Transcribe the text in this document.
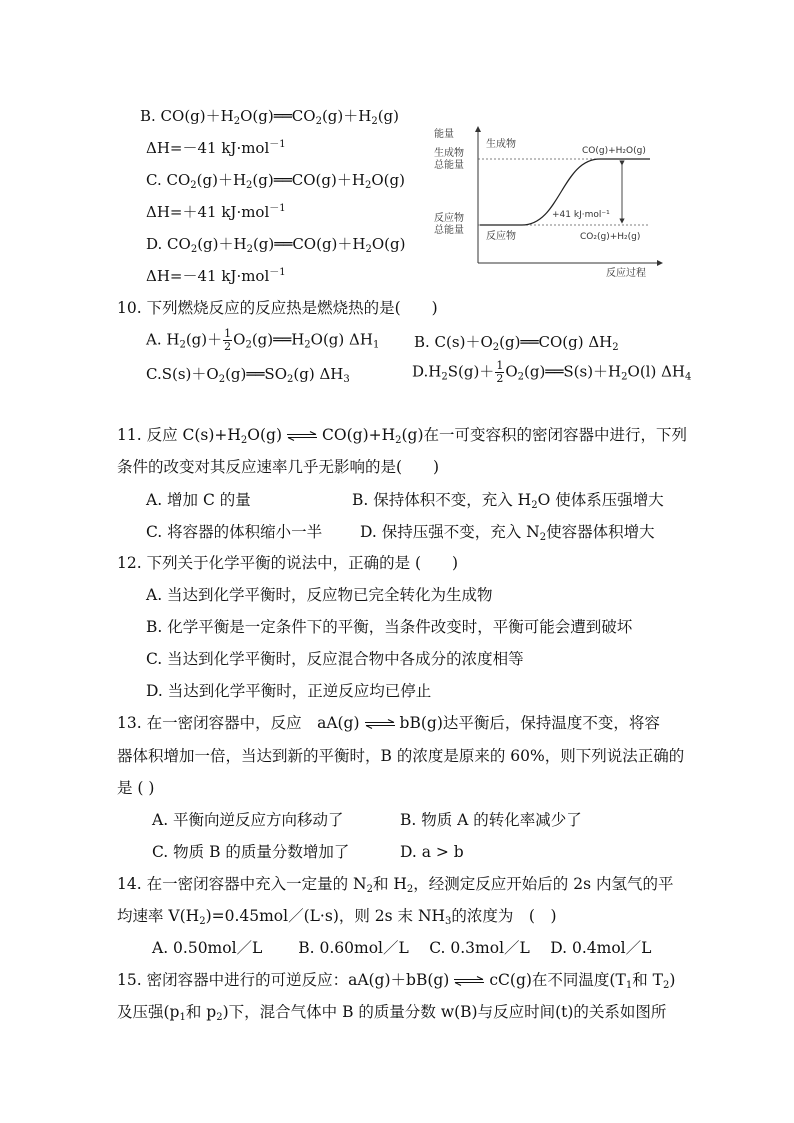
B. $CO(g)+H_2O(g)══CO_2(g)+H_2(g)$
ΔH=－41 kJ·mol$^{-1}$
C. $CO_2(g)+H_2(g)══CO(g)+H_2O(g)$
ΔH=＋41 kJ·mol$^{-1}$
D. $CO_2(g)+H_2(g)══CO(g)+H_2O(g)$
ΔH=－41 kJ·mol$^{-1}$
能量
生成物
总能量
反应物
总能量
生成物
反应物
CO(g)+H₂O(g)
CO₂(g)+H₂(g)
+41 kJ·mol⁻¹
反应过程
10. 下列燃烧反应的反应热是燃烧热的是(　　)
A. $H_2(g)+ \frac{1}{2}$ $O_2(g)══H_2O(g)$ $\Delta H_1$ B. $C(s)+O_2(g)══CO(g)$ $\Delta H_2$
$C.S(s)+O_2(g)══SO_2(g)$ $\Delta H_3$	$D.H_2S(g)+ \frac{1}{2}$ $O_2(g)══S(s)+H_2O(l)$ $\Delta H_4$
11. 反应 $C(s)+H_2O(g)$ ⇌ $CO(g)+H_2(g)$在一可变容积的密闭容器中进行，下列
条件的改变对其反应速率几乎无影响的是(　　)
A. 增加 C 的量	B. 保持体积不变，充入 $H_2O$ 使体系压强增大
C. 将容器的体积缩小一半 D. 保持压强不变，充入 $N_2$使容器体积增大
12. 下列关于化学平衡的说法中，正确的是 (　　)
A. 当达到化学平衡时，反应物已完全转化为生成物
B. 化学平衡是一定条件下的平衡，当条件改变时，平衡可能会遭到破坏
C. 当达到化学平衡时，反应混合物中各成分的浓度相等
D. 当达到化学平衡时，正逆反应均已停止
13. 在一密闭容器中，反应　aA(g) ⇌ bB(g)达平衡后，保持温度不变，将容
器体积增加一倍，当达到新的平衡时，B 的浓度是原来的 60%，则下列说法正确的
是 ( )
A. 平衡向逆反应方向移动了	B. 物质 A 的转化率减少了
C. 物质 B 的质量分数增加了	D. a > b
14. 在一密闭容器中充入一定量的 $N_2$和 $H_2$，经测定反应开始后的 2s 内氢气的平
均速率 $V(H_2)=0.45mol/(L\cdot s)$，则 2s 末 $NH_3$的浓度为　(　)
A. 0.50mol／L　　 B. 0.60mol／L　 C. 0.3mol／L　 D. 0.4mol／L
15. 密闭容器中进行的可逆反应：aA(g)＋bB(g) ⇌ cC(g)在不同温度($T_1$和 $T_2$)
及压强($p_1$和 $p_2$)下，混合气体中 B 的质量分数 w(B)与反应时间(t)的关系如图所
